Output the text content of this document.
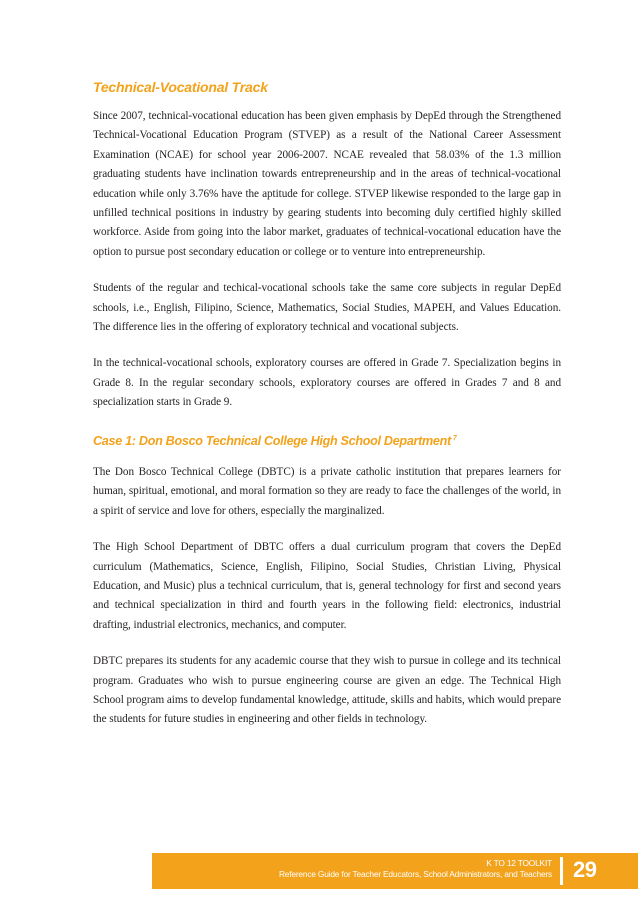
Technical-Vocational Track

Since 2007, technical-vocational education has been given emphasis by DepEd through the Strengthened Technical-Vocational Education Program (STVEP) as a result of the National Career Assessment Examination (NCAE) for school year 2006-2007. NCAE revealed that 58.03% of the 1.3 million graduating students have inclination towards entrepreneurship and in the areas of technical-vocational education while only 3.76% have the aptitude for college. STVEP likewise responded to the large gap in unfilled technical positions in industry by gearing students into becoming duly certified highly skilled workforce. Aside from going into the labor market, graduates of technical-vocational education have the option to pursue post secondary education or college or to venture into entrepreneurship.

Students of the regular and techical-vocational schools take the same core subjects in regular DepEd schools, i.e., English, Filipino, Science, Mathematics, Social Studies, MAPEH, and Values Education. The difference lies in the offering of exploratory technical and vocational subjects.

In the technical-vocational schools, exploratory courses are offered in Grade 7. Specialization begins in Grade 8. In the regular secondary schools, exploratory courses are offered in Grades 7 and 8 and specialization starts in Grade 9.

Case 1: Don Bosco Technical College High School Department $^7$

The Don Bosco Technical College (DBTC) is a private catholic institution that prepares learners for human, spiritual, emotional, and moral formation so they are ready to face the challenges of the world, in a spirit of service and love for others, especially the marginalized.

The High School Department of DBTC offers a dual curriculum program that covers the DepEd curriculum (Mathematics, Science, English, Filipino, Social Studies, Christian Living, Physical Education, and Music) plus a technical curriculum, that is, general technology for first and second years and technical specialization in third and fourth years in the following field: electronics, industrial drafting, industrial electronics, mechanics, and computer.

DBTC prepares its students for any academic course that they wish to pursue in college and its technical program. Graduates who wish to pursue engineering course are given an edge. The Technical High School program aims to develop fundamental knowledge, attitude, skills and habits, which would prepare the students for future studies in engineering and other fields in technology.

K TO 12 TOOLKIT
Reference Guide for Teacher Educators, School Administrators, and Teachers 29
